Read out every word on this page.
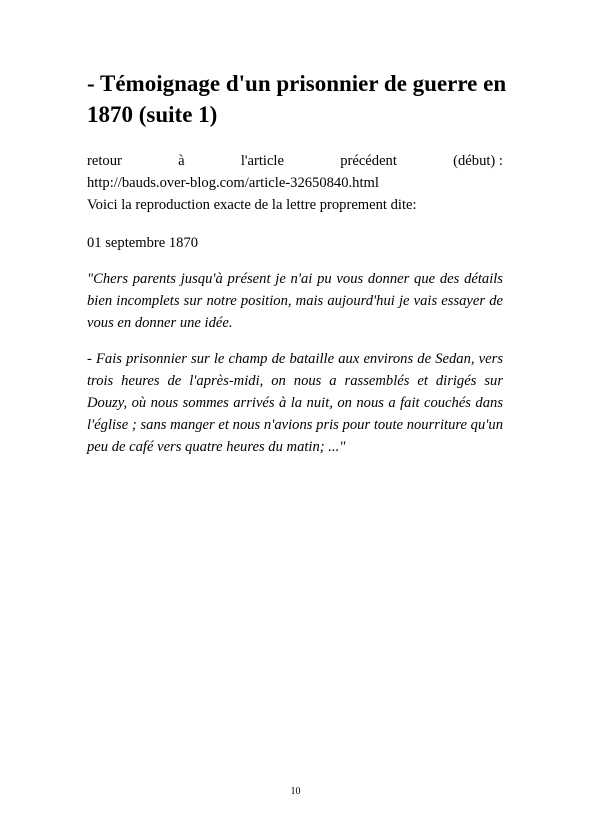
- Témoignage d'un prisonnier de guerre en 1870 (suite 1)
retour	à	l'article	précédent	(début) :
http://bauds.over-blog.com/article-32650840.html
Voici la reproduction exacte de la lettre proprement dite:
01 septembre 1870

"Chers parents jusqu'à présent je n'ai pu vous donner que des détails bien incomplets sur notre position, mais aujourd'hui je vais essayer de vous en donner une idée.

- Fais prisonnier sur le champ de bataille aux environs de Sedan, vers trois heures de l'après-midi, on nous a rassemblés et dirigés sur Douzy, où nous sommes arrivés à la nuit, on nous a fait couchés dans l'église ; sans manger et nous n'avions pris pour toute nourriture qu'un peu de café vers quatre heures du matin; ..."

10
